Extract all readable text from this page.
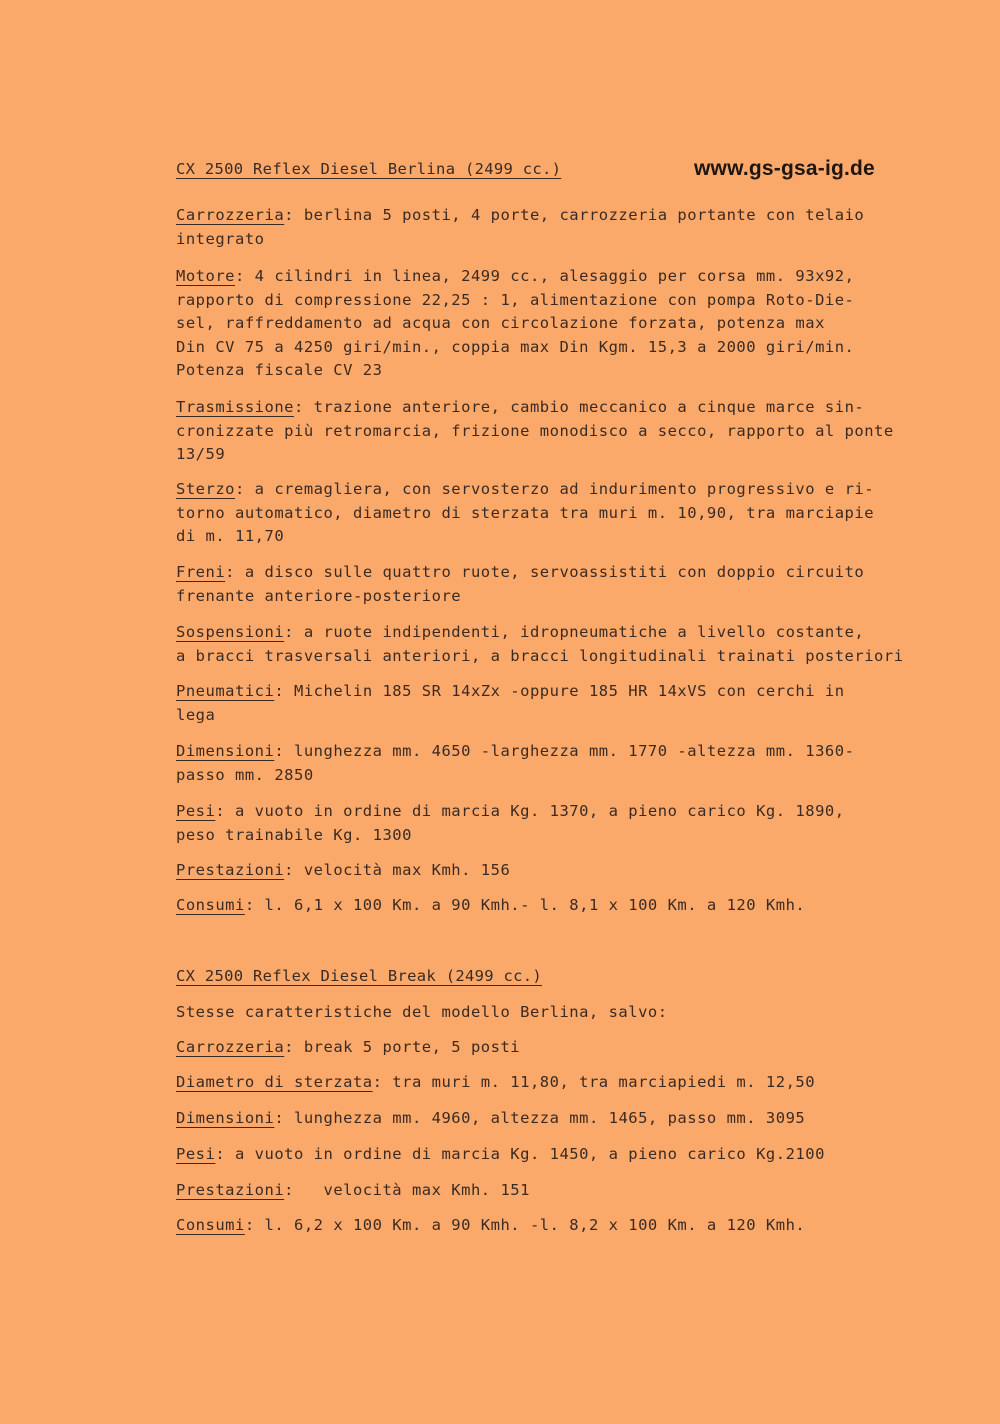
www.gs-gsa-ig.de
CX 2500 Reflex Diesel Berlina (2499 cc.)
Carrozzeria: berlina 5 posti, 4 porte, carrozzeria portante con telaio
integrato
Motore: 4 cilindri in linea, 2499 cc., alesaggio per corsa mm. 93x92,
rapporto di compressione 22,25 : 1, alimentazione con pompa Roto-Die-
sel, raffreddamento ad acqua con circolazione forzata, potenza max
Din CV 75 a 4250 giri/min., coppia max Din Kgm. 15,3 a 2000 giri/min.
Potenza fiscale CV 23
Trasmissione: trazione anteriore, cambio meccanico a cinque marce sin-
cronizzate più retromarcia, frizione monodisco a secco, rapporto al ponte
13/59
Sterzo: a cremagliera, con servosterzo ad indurimento progressivo e ri-
torno automatico, diametro di sterzata tra muri m. 10,90, tra marciapie
di m. 11,70
Freni: a disco sulle quattro ruote, servoassistiti con doppio circuito
frenante anteriore-posteriore
Sospensioni: a ruote indipendenti, idropneumatiche a livello costante,
a bracci trasversali anteriori, a bracci longitudinali trainati posteriori
Pneumatici: Michelin 185 SR 14xZx -oppure 185 HR 14xVS con cerchi in
lega
Dimensioni: lunghezza mm. 4650 -larghezza mm. 1770 -altezza mm. 1360-
passo mm. 2850
Pesi: a vuoto in ordine di marcia Kg. 1370, a pieno carico Kg. 1890,
peso trainabile Kg. 1300
Prestazioni: velocità max Kmh. 156
Consumi: l. 6,1 x 100 Km. a 90 Kmh.- l. 8,1 x 100 Km. a 120 Kmh.
CX 2500 Reflex Diesel Break (2499 cc.)
Stesse caratteristiche del modello Berlina, salvo:
Carrozzeria: break 5 porte, 5 posti
Diametro di sterzata: tra muri m. 11,80, tra marciapiedi m. 12,50
Dimensioni: lunghezza mm. 4960, altezza mm. 1465, passo mm. 3095
Pesi: a vuoto in ordine di marcia Kg. 1450, a pieno carico Kg.2100
Prestazioni:   velocità max Kmh. 151
Consumi: l. 6,2 x 100 Km. a 90 Kmh. -l. 8,2 x 100 Km. a 120 Kmh.
